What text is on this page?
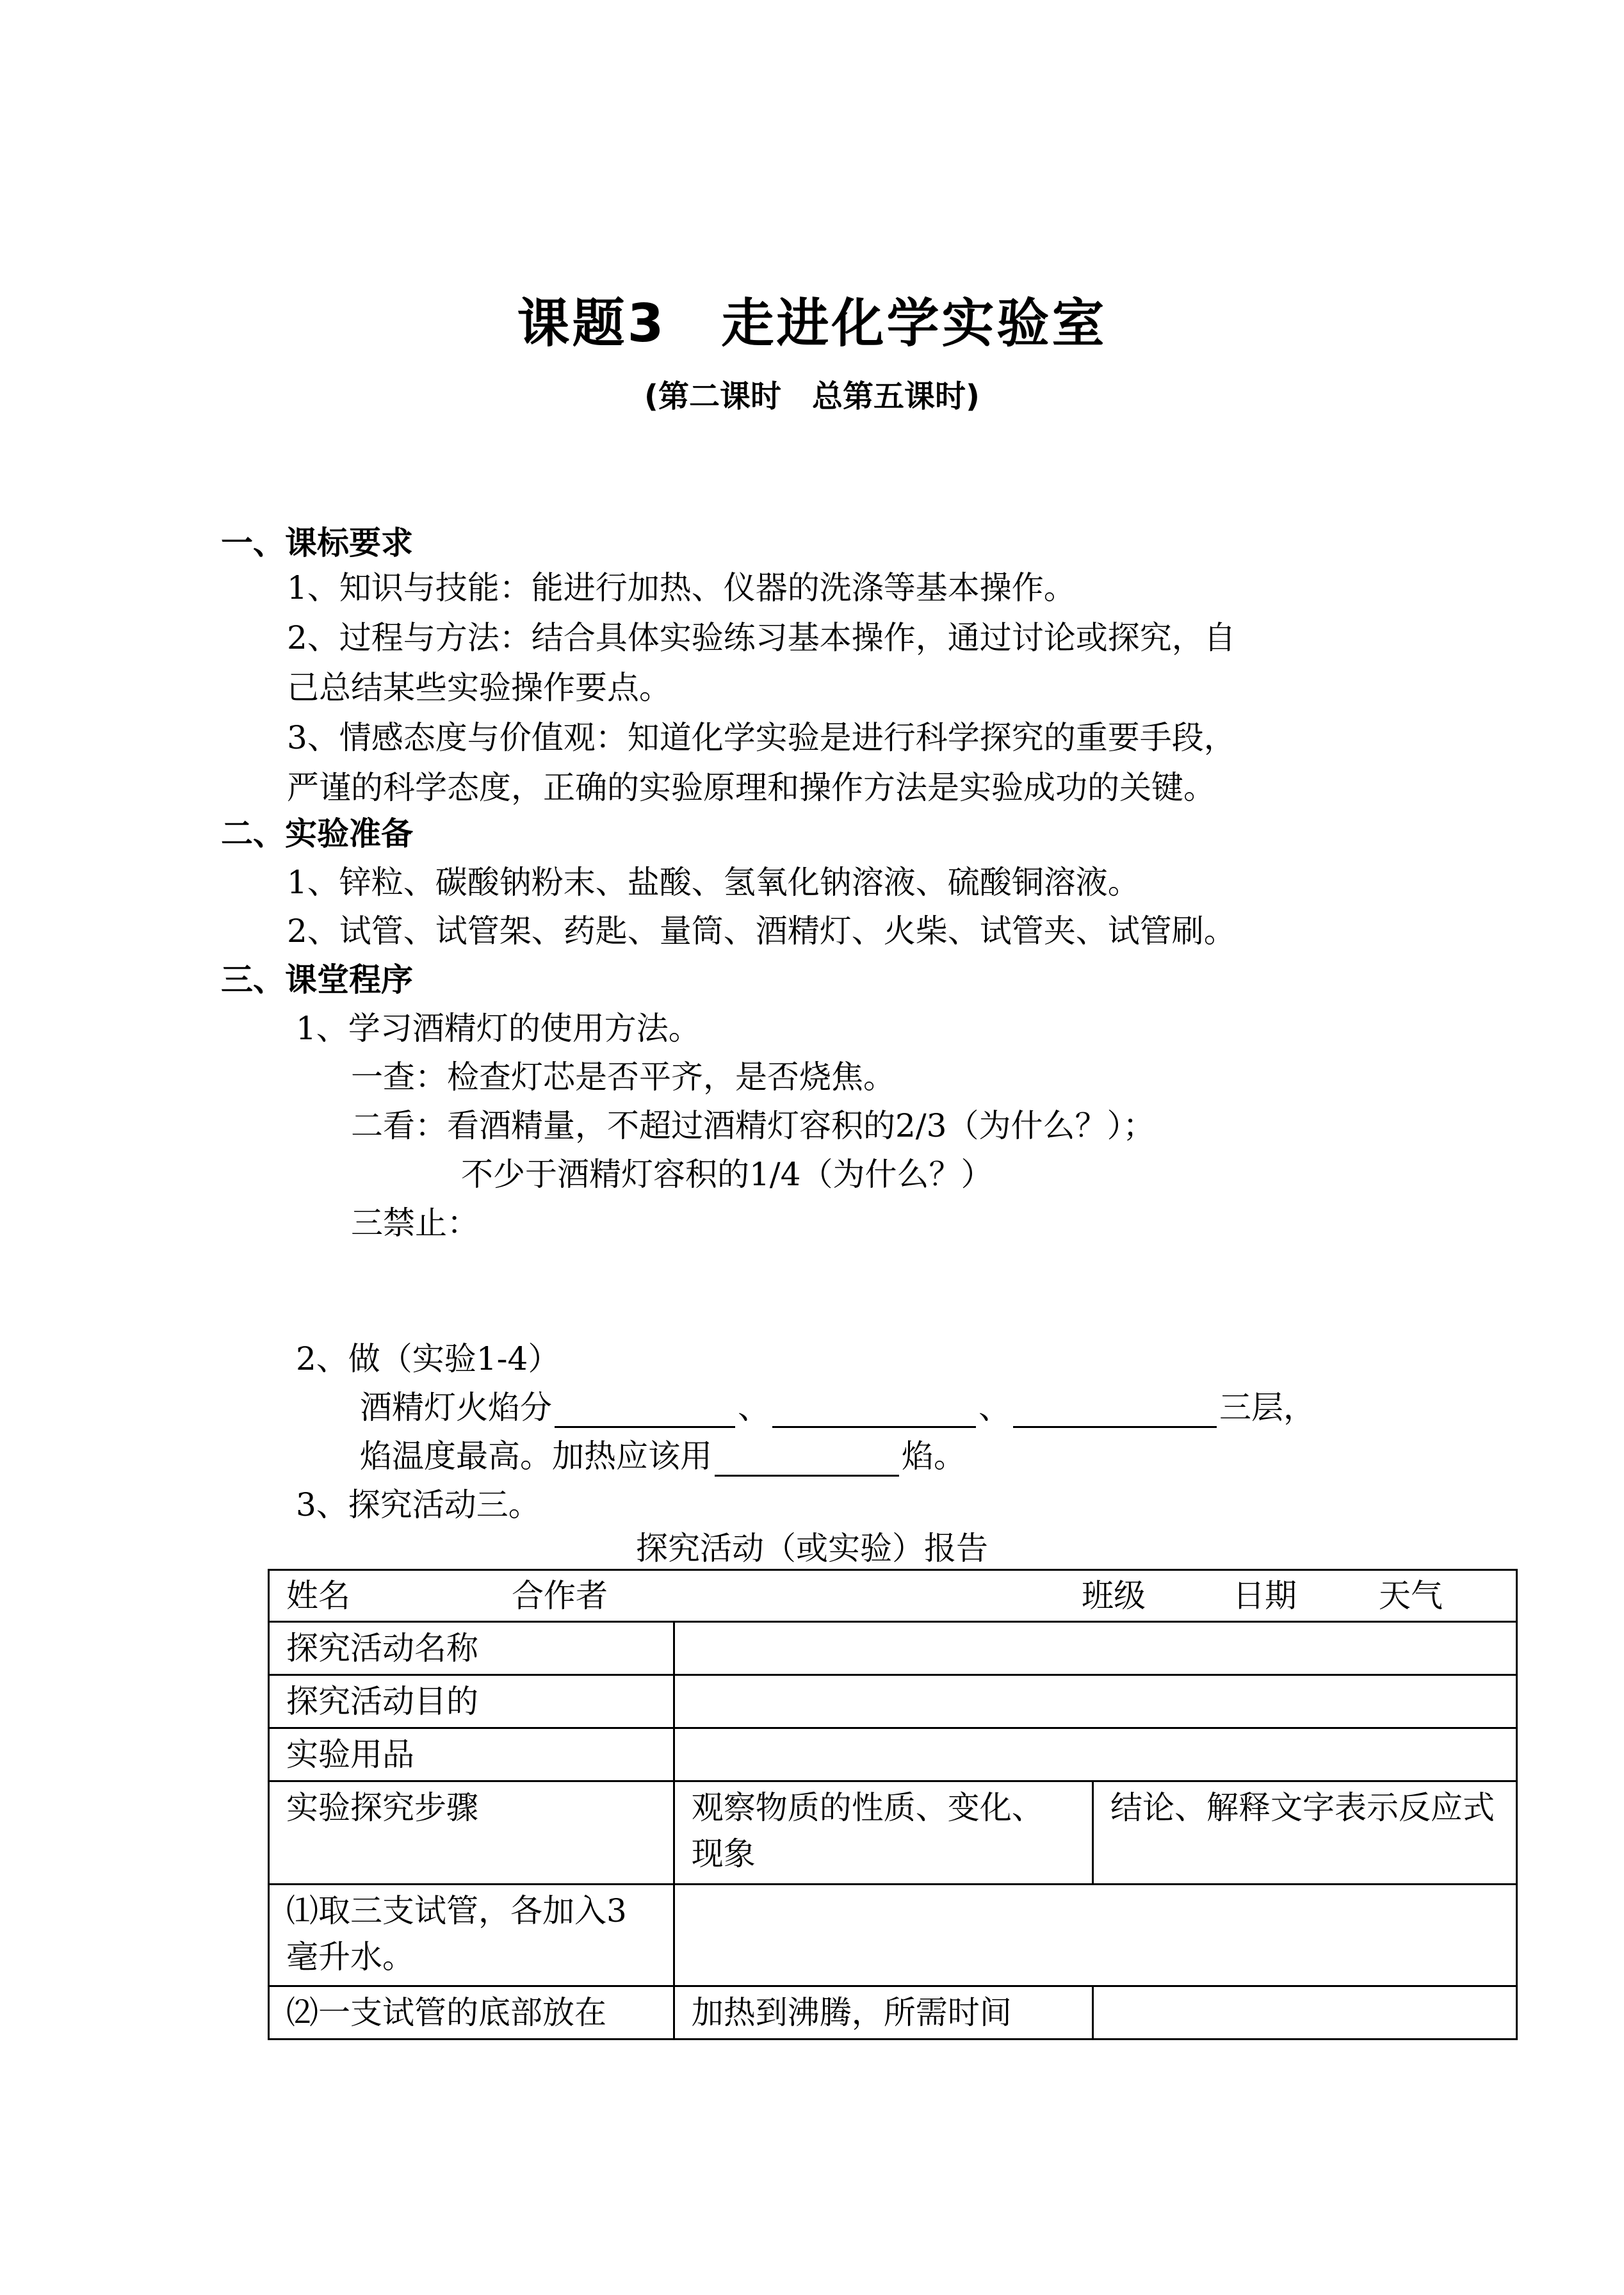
课题3　走进化学实验室
(第二课时　总第五课时)
一、课标要求
1、知识与技能：能进行加热、仪器的洗涤等基本操作。
2、过程与方法：结合具体实验练习基本操作，通过讨论或探究，自
己总结某些实验操作要点。
3、情感态度与价值观：知道化学实验是进行科学探究的重要手段，
严谨的科学态度，正确的实验原理和操作方法是实验成功的关键。
二、实验准备
1、锌粒、碳酸钠粉末、盐酸、氢氧化钠溶液、硫酸铜溶液。
2、试管、试管架、药匙、量筒、酒精灯、火柴、试管夹、试管刷。
三、课堂程序
1、学习酒精灯的使用方法。
一查：检查灯芯是否平齐，是否烧焦。
二看：看酒精量，不超过酒精灯容积的2/3（为什么？）；
不少于酒精灯容积的1/4（为什么？）
三禁止：
2、做（实验1-4）
酒精灯火焰分	、	、	三层，
焰温度最高。加热应该用	焰。
3、探究活动三。
探究活动（或实验）报告
姓名 合作者 班级 日期 天气		
探究活动名称		
探究活动目的		
实验用品		
实验探究步骤	观察物质的性质、变化、现象	结论、解释文字表示反应式
⑴取三支试管，各加入3毫升水。		
⑵一支试管的底部放在	加热到沸腾，所需时间	
